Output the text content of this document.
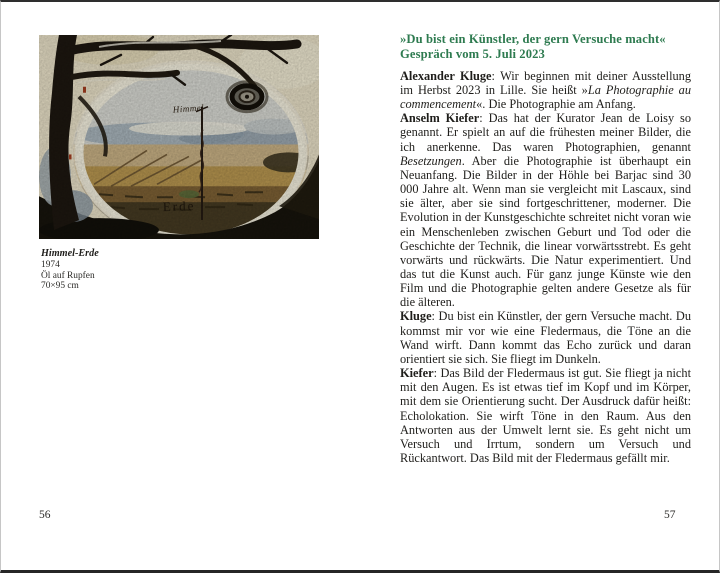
Himmel
Erde
Himmel-Erde
1974
Öl auf Rupfen
70×95 cm
56
»Du bist ein Künstler, der gern Versuche macht«
Gespräch vom 5. Juli 2023

Alexander Kluge: Wir beginnen mit deiner Ausstellung im Herbst 2023 in Lille. Sie heißt »La Photographie au commencement«. Die Photographie am Anfang.

Anselm Kiefer: Das hat der Kurator Jean de Loisy so genannt. Er spielt an auf die frühesten meiner Bilder, die ich anerkenne. Das waren Photographien, genannt Besetzungen. Aber die Photographie ist überhaupt ein Neuanfang. Die Bilder in der Höhle bei Barjac sind 30 000 Jahre alt. Wenn man sie vergleicht mit Lascaux, sind sie älter, aber sie sind fortgeschrittener, moderner. Die Evolution in der Kunstgeschichte schreitet nicht voran wie ein Menschenleben zwischen Geburt und Tod oder die Geschichte der Technik, die linear vorwärtsstrebt. Es geht vorwärts und rückwärts. Die Natur experimentiert. Und das tut die Kunst auch. Für ganz junge Künste wie den Film und die Photographie gelten andere Gesetze als für die älteren.

Kluge: Du bist ein Künstler, der gern Versuche macht. Du kommst mir vor wie eine Fledermaus, die Töne an die Wand wirft. Dann kommt das Echo zurück und daran orientiert sie sich. Sie fliegt im Dunkeln.

Kiefer: Das Bild der Fledermaus ist gut. Sie fliegt ja nicht mit den Augen. Es ist etwas tief im Kopf und im Körper, mit dem sie Orientierung sucht. Der Ausdruck dafür heißt: Echolokation. Sie wirft Töne in den Raum. Aus den Antworten aus der Umwelt lernt sie. Es geht nicht um Versuch und Irrtum, sondern um Versuch und Rückantwort. Das Bild mit der Fledermaus gefällt mir.

57
